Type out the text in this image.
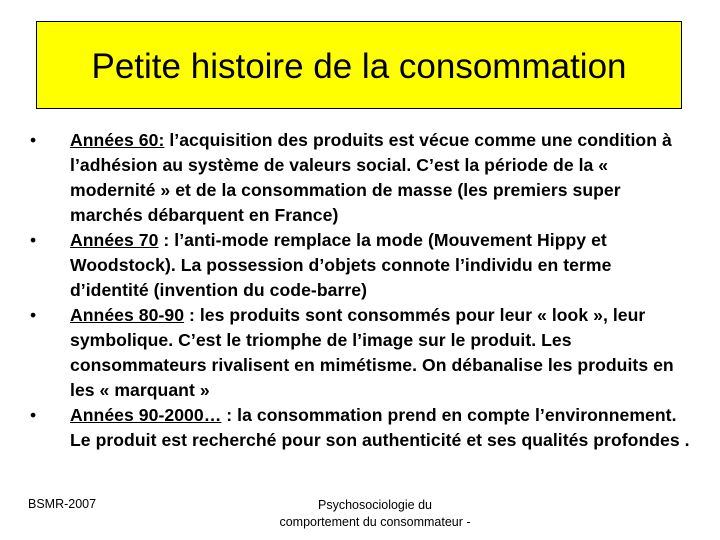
Petite histoire de la consommation
•	Années 60: l’acquisition des produits est vécue comme une condition à l’adhésion au système de valeurs social. C’est la période de la « modernité » et de la consommation de masse (les premiers super marchés débarquent en France)
•	Années 70 : l’anti-mode remplace la mode (Mouvement Hippy et Woodstock). La possession d’objets connote l’individu en terme d’identité (invention du code-barre)
•	Années 80-90 : les produits sont consommés pour leur « look », leur symbolique. C’est le triomphe de l’image sur le produit. Les consommateurs rivalisent en mimétisme. On débanalise les produits en les « marquant »
•	Années 90-2000… : la consommation prend en compte l’environnement. Le produit est recherché pour son authenticité et ses qualités profondes .
BSMR-2007	Psychosociologie du
comportement du consommateur -
